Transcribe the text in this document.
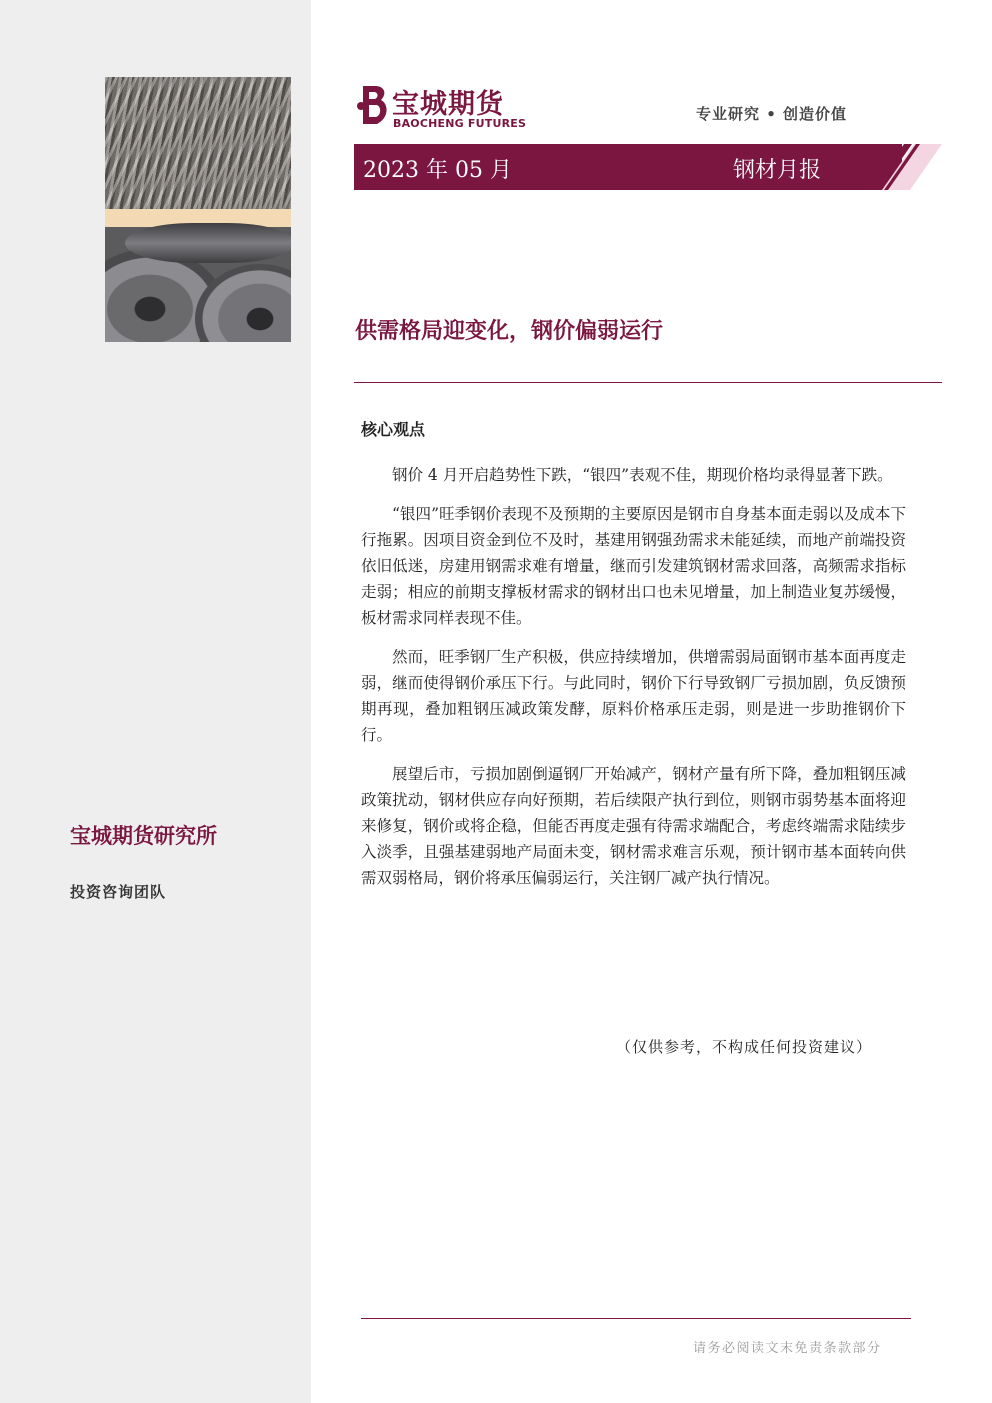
宝城期货研究所
投资咨询团队
宝城期货
BAOCHENG FUTURES
专业研究 • 创造价值
2023 年 05 月	钢材月报
供需格局迎变化，钢价偏弱运行
核心观点

钢价 4 月开启趋势性下跌，“银四”表观不佳，期现价格均录得显著下跌。

“银四”旺季钢价表现不及预期的主要原因是钢市自身基本面走弱以及成本下行拖累。因项目资金到位不及时，基建用钢强劲需求未能延续，而地产前端投资依旧低迷，房建用钢需求难有增量，继而引发建筑钢材需求回落，高频需求指标走弱；相应的前期支撑板材需求的钢材出口也未见增量，加上制造业复苏缓慢，板材需求同样表现不佳。

然而，旺季钢厂生产积极，供应持续增加，供增需弱局面钢市基本面再度走弱，继而使得钢价承压下行。与此同时，钢价下行导致钢厂亏损加剧，负反馈预期再现，叠加粗钢压减政策发酵，原料价格承压走弱，则是进一步助推钢价下行。

展望后市，亏损加剧倒逼钢厂开始减产，钢材产量有所下降，叠加粗钢压减政策扰动，钢材供应存向好预期，若后续限产执行到位，则钢市弱势基本面将迎来修复，钢价或将企稳，但能否再度走强有待需求端配合，考虑终端需求陆续步入淡季，且强基建弱地产局面未变，钢材需求难言乐观，预计钢市基本面转向供需双弱格局，钢价将承压偏弱运行，关注钢厂减产执行情况。

（仅供参考，不构成任何投资建议）
请务必阅读文末免责条款部分
